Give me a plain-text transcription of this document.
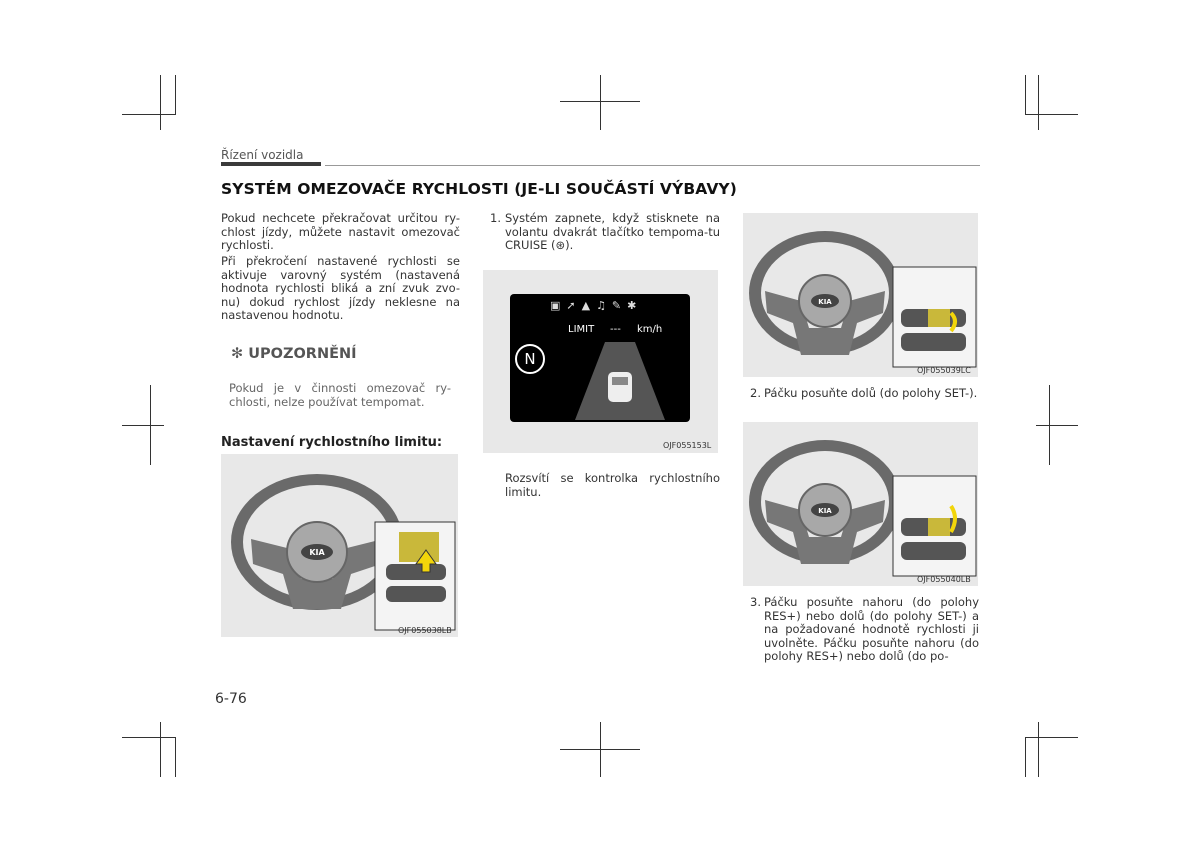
Řízení vozidla
SYSTÉM OMEZOVAČE RYCHLOSTI (JE-LI SOUČÁSTÍ VÝBAVY)
Pokud nechcete překračovat určitou ry-chlost jízdy, můžete nastavit omezovač rychlosti.
Při překročení nastavené rychlosti se aktivuje varovný systém (nastavená hodnota rychlosti bliká a zní zvuk zvo-nu) dokud rychlost jízdy neklesne na nastavenou hodnotu.
✻ UPOZORNĚNÍ
Pokud je v činnosti omezovač ry-chlosti, nelze používat tempomat.
Nastavení rychlostního limitu:
KIA
OJF055038LB
1. Systém zapnete, když stisknete na volantu dvakrát tlačítko tempoma-tu CRUISE (⊛).
▣➚▲♫✎✱
N
LIMIT --- km/h
OJF055153L
Rozsvítí se kontrolka rychlostního limitu.
KIA
OJF055039LC
2. Páčku posuňte dolů (do polohy SET-).
KIA
OJF055040LB
3. Páčku posuňte nahoru (do polohy RES+) nebo dolů (do polohy SET-) a na požadované hodnotě rychlosti ji uvolněte. Páčku posuňte nahoru (do polohy RES+) nebo dolů (do po-
6-76
